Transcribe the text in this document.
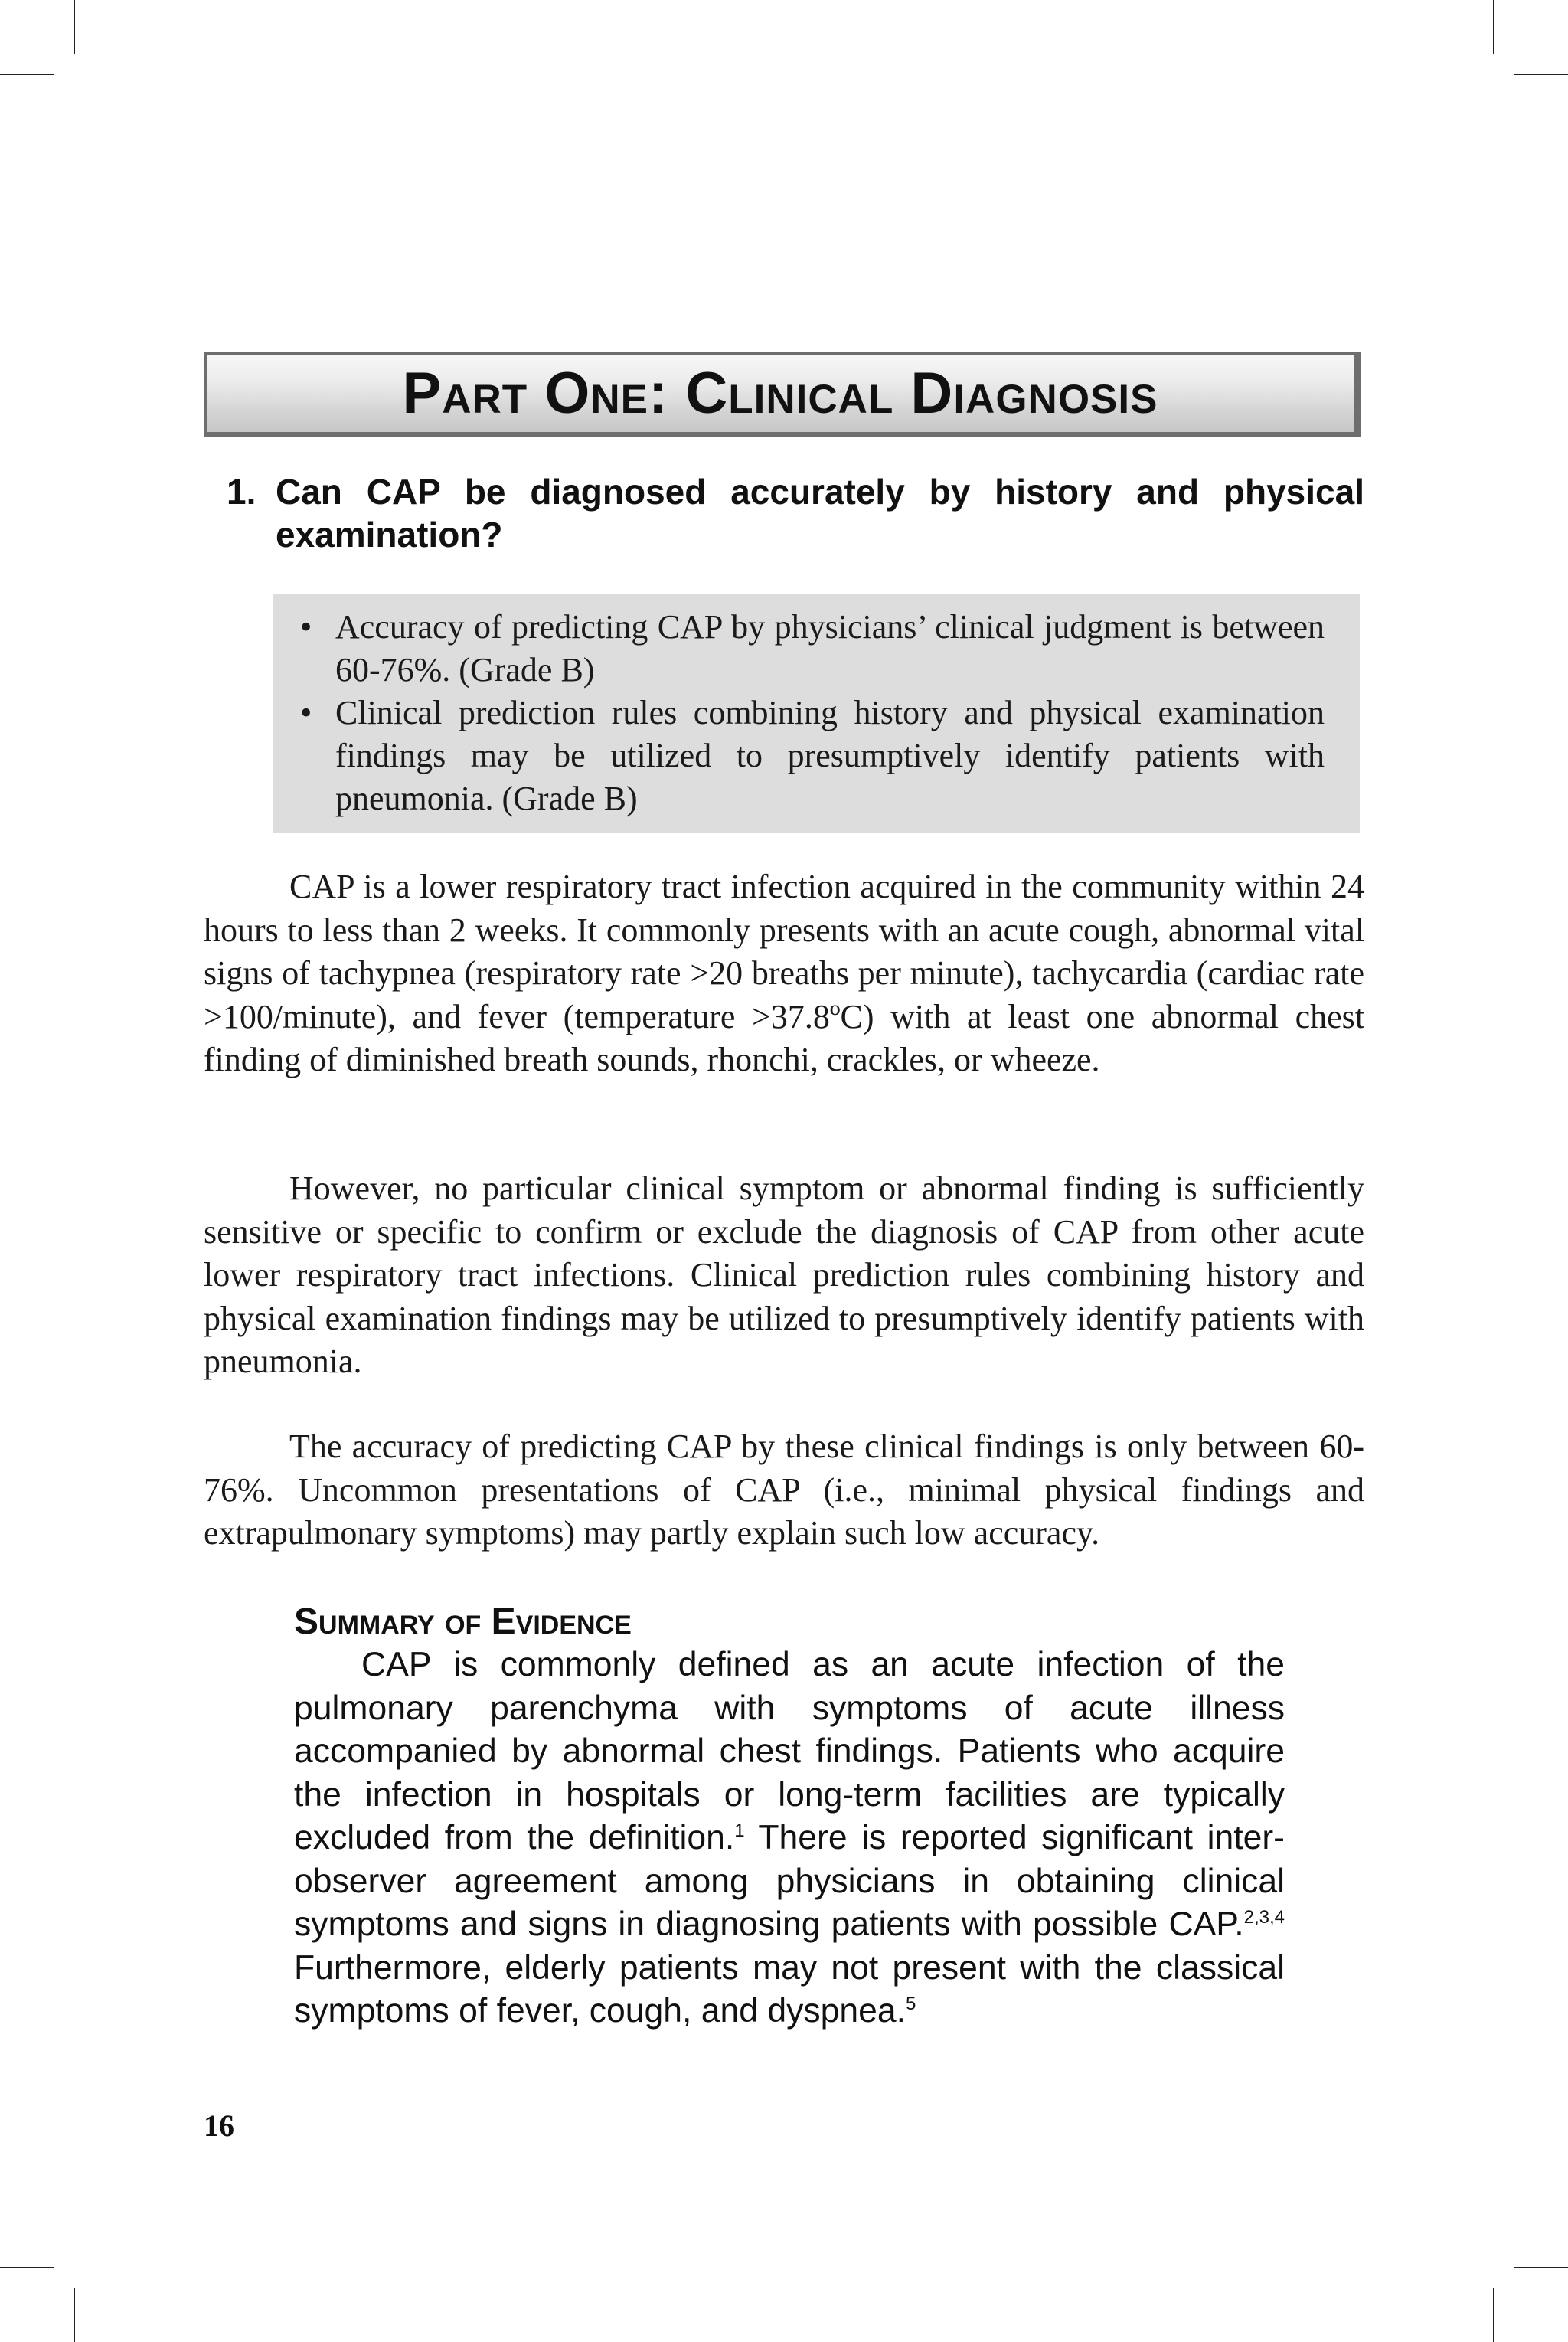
Part One: Clinical Diagnosis
1. Can CAP be diagnosed accurately by history and physical examination?
• Accuracy of predicting CAP by physicians’ clinical judgment is between 60-76%. (Grade B)
• Clinical prediction rules combining history and physical examination findings may be utilized to presumptively identify patients with pneumonia. (Grade B)

CAP is a lower respiratory tract infection acquired in the community within 24 hours to less than 2 weeks. It commonly presents with an acute cough, abnormal vital signs of tachypnea (respiratory rate >20 breaths per minute), tachycardia (cardiac rate >100/minute), and fever (temperature >37.8ºC) with at least one abnormal chest finding of diminished breath sounds, rhonchi, crackles, or wheeze.

However, no particular clinical symptom or abnormal finding is sufficiently sensitive or specific to confirm or exclude the diagnosis of CAP from other acute lower respiratory tract infections. Clinical prediction rules combining history and physical examination findings may be utilized to presumptively identify patients with pneumonia.

The accuracy of predicting CAP by these clinical findings is only between 60-76%. Uncommon presentations of CAP (i.e., minimal physical findings and extrapulmonary symptoms) may partly explain such low accuracy.

Summary of Evidence

CAP is commonly defined as an acute infection of the pulmonary parenchyma with symptoms of acute illness accompanied by abnormal chest findings. Patients who acquire the infection in hospitals or long-term facilities are typically excluded from the definition.$^1$ There is reported significant inter-observer agreement among physicians in obtaining clinical symptoms and signs in diagnosing patients with possible CAP.$^{2,3,4}$ Furthermore, elderly patients may not present with the classical symptoms of fever, cough, and dyspnea.$^5$

16
